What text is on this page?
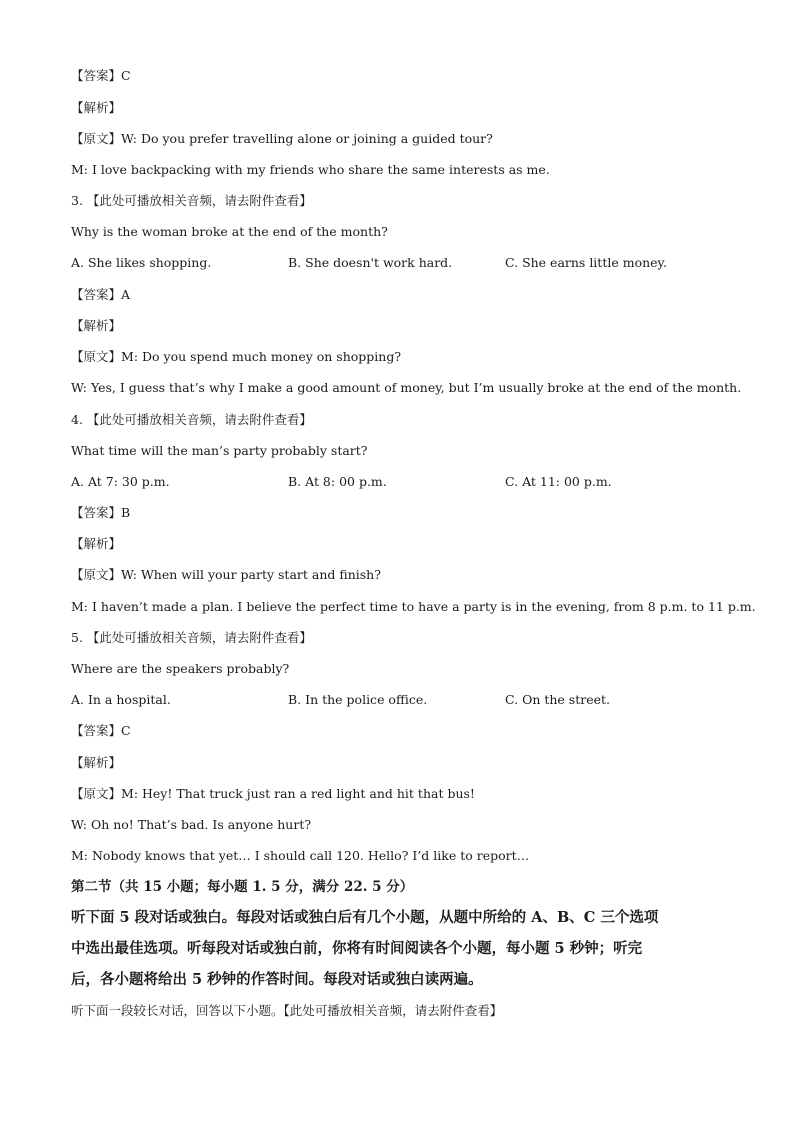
【答案】C
【解析】
【原文】W: Do you prefer travelling alone or joining a guided tour?
M: I love backpacking with my friends who share the same interests as me.
3. 【此处可播放相关音频，请去附件查看】
Why is the woman broke at the end of the month?
A. She likes shopping.	B. She doesn't work hard.	C. She earns little money.
【答案】A
【解析】
【原文】M: Do you spend much money on shopping?
W: Yes, I guess that’s why I make a good amount of money, but I’m usually broke at the end of the month.
4. 【此处可播放相关音频，请去附件查看】
What time will the man’s party probably start?
A. At 7: 30 p.m.	B. At 8: 00 p.m.	C. At 11: 00 p.m.
【答案】B
【解析】
【原文】W: When will your party start and finish?
M: I haven’t made a plan. I believe the perfect time to have a party is in the evening, from 8 p.m. to 11 p.m.
5. 【此处可播放相关音频，请去附件查看】
Where are the speakers probably?
A. In a hospital.	B. In the police office.	C. On the street.
【答案】C
【解析】
【原文】M: Hey! That truck just ran a red light and hit that bus!
W: Oh no! That’s bad. Is anyone hurt?
M: Nobody knows that yet… I should call 120. Hello? I’d like to report…
第二节（共 15 小题；每小题 1. 5 分，满分 22. 5 分）
听下面 5 段对话或独白。每段对话或独白后有几个小题，从题中所给的 A、B、C 三个选项
中选出最佳选项。听每段对话或独白前，你将有时间阅读各个小题，每小题 5 秒钟；听完
后，各小题将给出 5 秒钟的作答时间。每段对话或独白读两遍。
听下面一段较长对话，回答以下小题。【此处可播放相关音频，请去附件查看】
